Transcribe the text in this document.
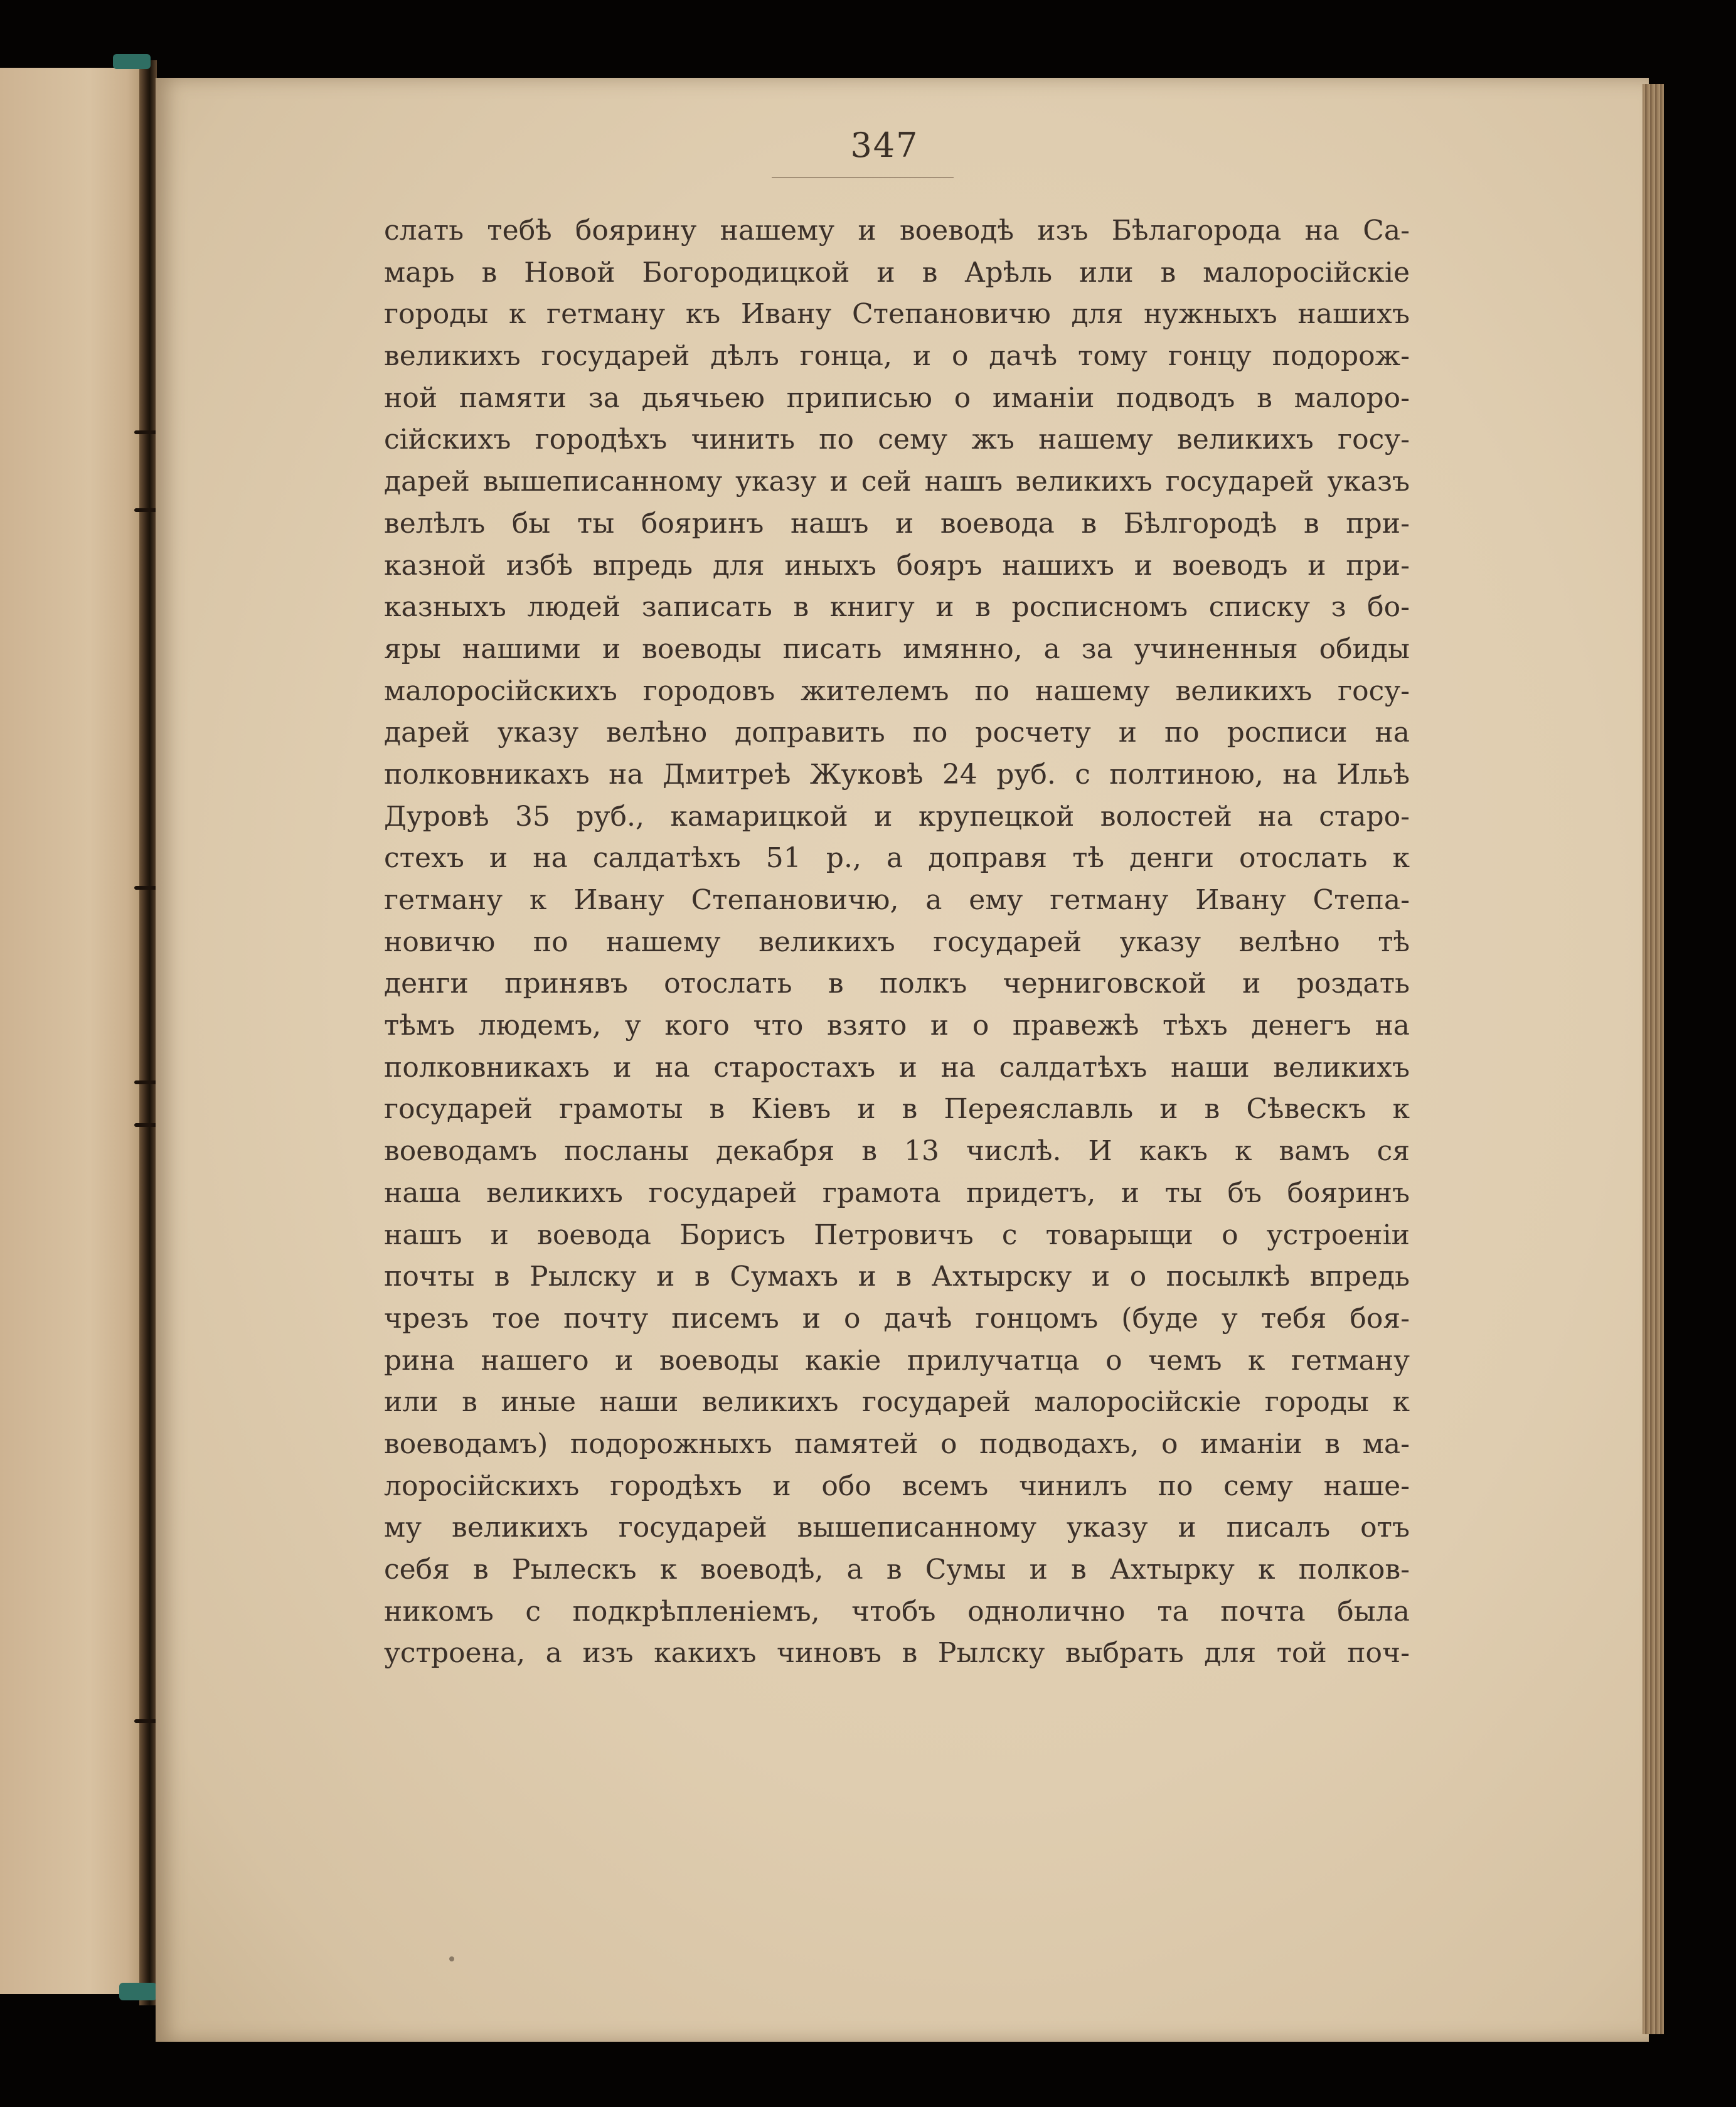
347
слать тебѣ боярину нашему и воеводѣ изъ Бѣлагорода на Са-
марь в Новой Богородицкой и в Арѣль или в малоросійскіе
городы к гетману къ Ивану Степановичю для нужныхъ нашихъ
великихъ государей дѣлъ гонца, и о дачѣ тому гонцу подорож-
ной памяти за дьячьею приписью о иманіи подводъ в малоро-
сійскихъ городѣхъ чинить по сему жъ нашему великихъ госу-
дарей вышеписанному указу и сей нашъ великихъ государей указъ
велѣлъ бы ты бояринъ нашъ и воевода в Бѣлгородѣ в при-
казной избѣ впредь для иныхъ бояръ нашихъ и воеводъ и при-
казныхъ людей записать в книгу и в росписномъ списку з бо-
яры нашими и воеводы писать имянно, а за учиненныя обиды
малоросійскихъ городовъ жителемъ по нашему великихъ госу-
дарей указу велѣно доправить по росчету и по росписи на
полковникахъ на Дмитреѣ Жуковѣ 24 руб. с полтиною, на Ильѣ
Дуровѣ 35 руб., камарицкой и крупецкой волостей на старо-
стехъ и на салдатѣхъ 51 р., а доправя тѣ денги отослать к
гетману к Ивану Степановичю, а ему гетману Ивану Степа-
новичю по нашему великихъ государей указу велѣно тѣ
денги принявъ отослать в полкъ черниговской и роздать
тѣмъ людемъ, у кого что взято и о правежѣ тѣхъ денегъ на
полковникахъ и на старостахъ и на салдатѣхъ наши великихъ
государей грамоты в Кіевъ и в Переяславль и в Сѣвескъ к
воеводамъ посланы декабря в 13 числѣ. И какъ к вамъ ся
наша великихъ государей грамота придетъ, и ты бъ бояринъ
нашъ и воевода Борисъ Петровичъ с товарыщи о устроеніи
почты в Рылску и в Сумахъ и в Ахтырску и о посылкѣ впредь
чрезъ тое почту писемъ и о дачѣ гонцомъ (буде у тебя боя-
рина нашего и воеводы какіе прилучатца о чемъ к гетману
или в иные наши великихъ государей малоросійскіе городы к
воеводамъ) подорожныхъ памятей о подводахъ, о иманіи в ма-
лоросійскихъ городѣхъ и обо всемъ чинилъ по сему наше-
му великихъ государей вышеписанному указу и писалъ отъ
себя в Рылескъ к воеводѣ, а в Сумы и в Ахтырку к полков-
никомъ с подкрѣпленіемъ, чтобъ однолично та почта была
устроена, а изъ какихъ чиновъ в Рылску выбрать для той поч-
